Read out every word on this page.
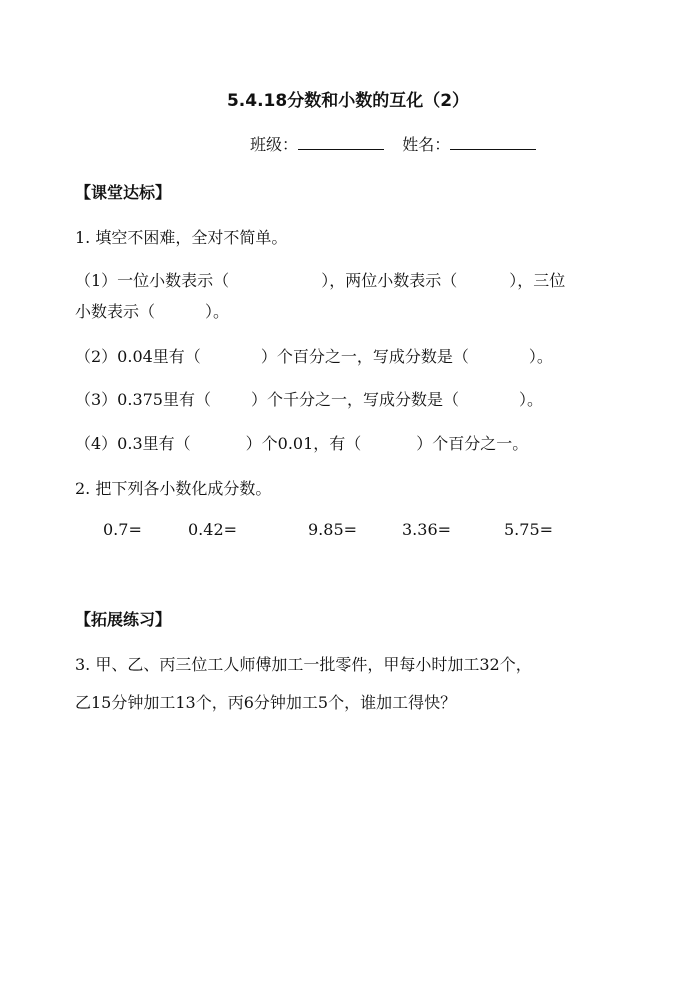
5.4.18分数和小数的互化（2）
班级：	姓名：
【课堂达标】
1. 填空不困难，全对不简单。
（1）一位小数表示（	），两位小数表示（	），三位
小数表示（	）。
（2）0.04里有（	）个百分之一，写成分数是（	）。
（3）0.375里有（	）个千分之一，写成分数是（	）。
（4）0.3里有（	）个0.01，有（	）个百分之一。
2. 把下列各小数化成分数。
0.7=	0.42=	9.85=	3.36=	5.75=
【拓展练习】
3. 甲、乙、丙三位工人师傅加工一批零件，甲每小时加工32个，
乙15分钟加工13个，丙6分钟加工5个，谁加工得快？
